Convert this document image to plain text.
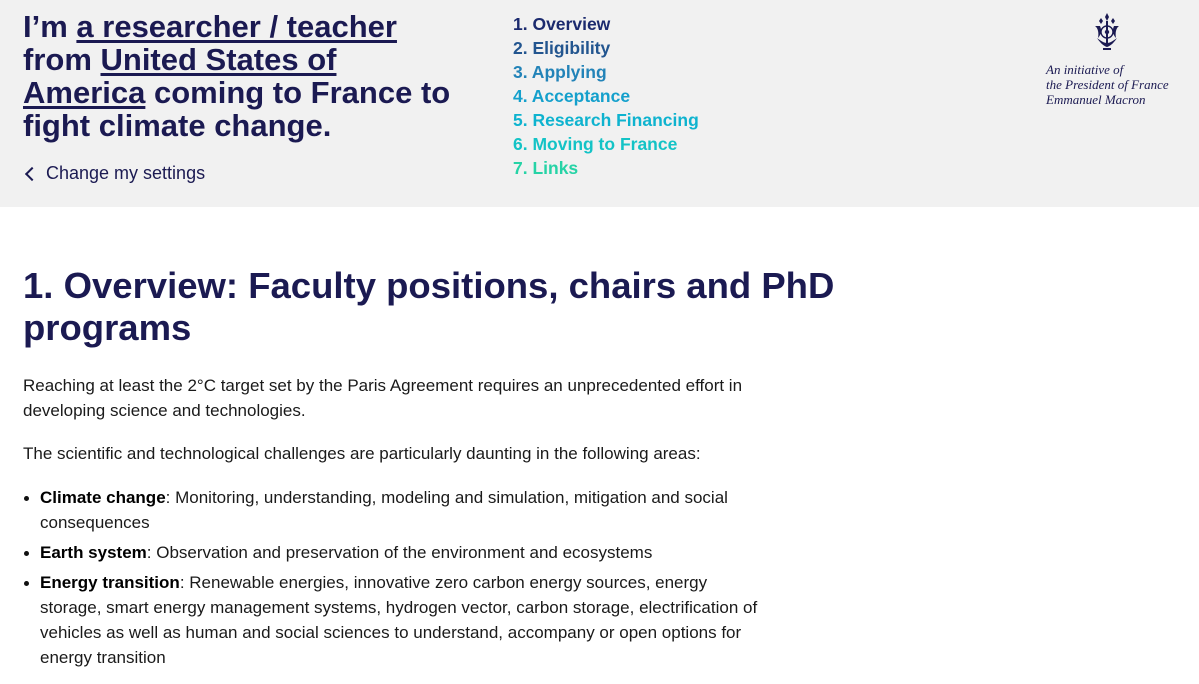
I’m a researcher / teacher from United States of America coming to France to fight climate change.
Change my settings
1. Overview
2. Eligibility
3. Applying
4. Acceptance
5. Research Financing
6. Moving to France
7. Links
An initiative of
the President of France
Emmanuel Macron
1. Overview: Faculty positions, chairs and PhD programs

Reaching at least the 2°C target set by the Paris Agreement requires an unprecedented effort in developing science and technologies.

The scientific and technological challenges are particularly daunting in the following areas:

Climate change: Monitoring, understanding, modeling and simulation, mitigation and social consequences
Earth system: Observation and preservation of the environment and ecosystems
Energy transition: Renewable energies, innovative zero carbon energy sources, energy storage, smart energy management systems, hydrogen vector, carbon storage, electrification of vehicles as well as human and social sciences to understand, accompany or open options for energy transition
